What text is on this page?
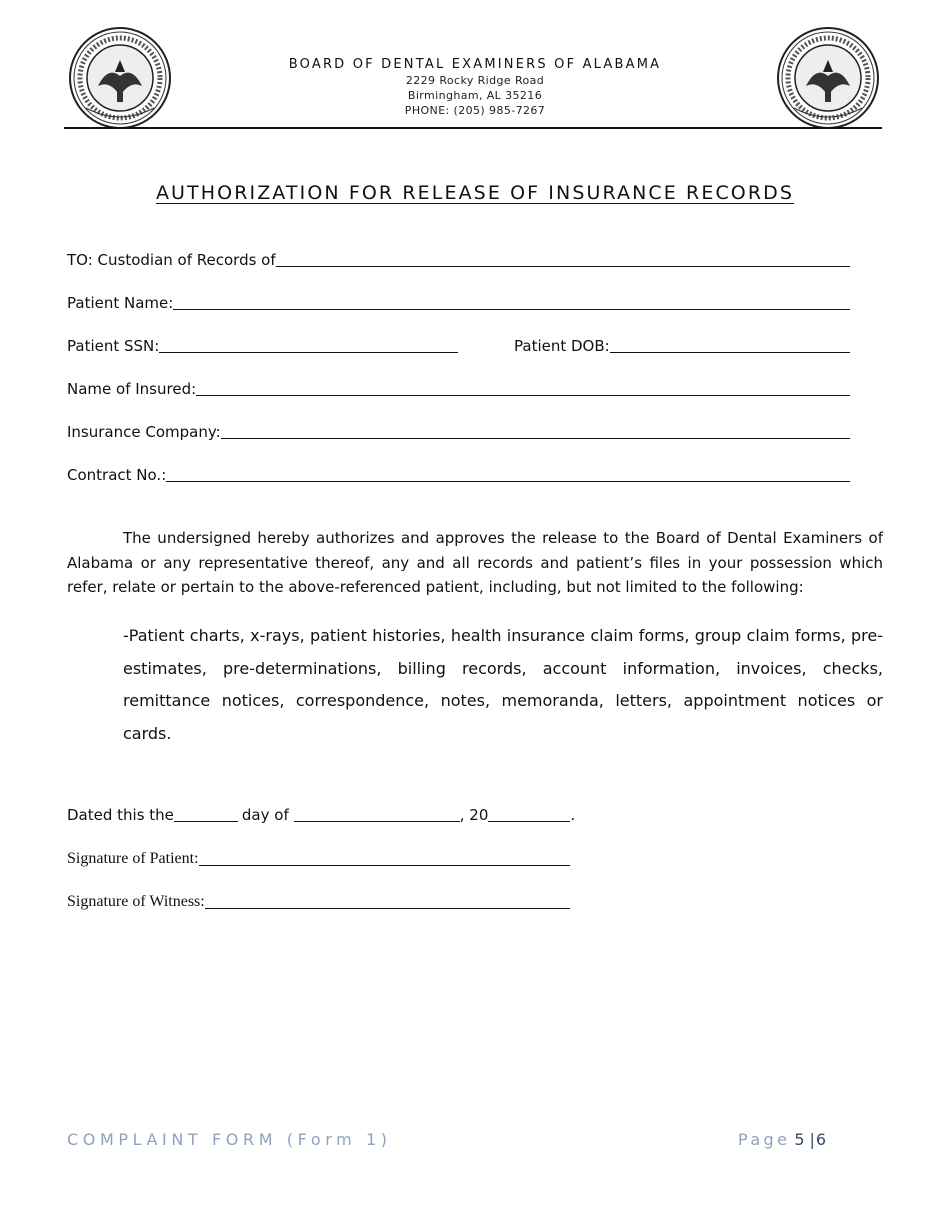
BOARD OF DENTAL EXAMINERS OF ALABAMA
2229 Rocky Ridge Road
Birmingham, AL 35216
PHONE: (205) 985-7267
AUTHORIZATION FOR RELEASE OF INSURANCE RECORDS
TO: Custodian of Records of
Patient Name:
Patient SSN:	Patient DOB:
Name of Insured:
Insurance Company:
Contract No.:
The undersigned hereby authorizes and approves the release to the Board of Dental Examiners of Alabama or any representative thereof, any and all records and patient’s files in your possession which refer, relate or pertain to the above-referenced patient, including, but not limited to the following:
-Patient charts, x-rays, patient histories, health insurance claim forms, group claim forms, pre-estimates, pre-determinations, billing records, account information, invoices, checks, remittance notices, correspondence, notes, memoranda, letters, appointment notices or cards.
Dated this the	day of	, 20	.
Signature of Patient:
Signature of Witness:
COMPLAINT FORM (Form 1)	Page 5 | 6
